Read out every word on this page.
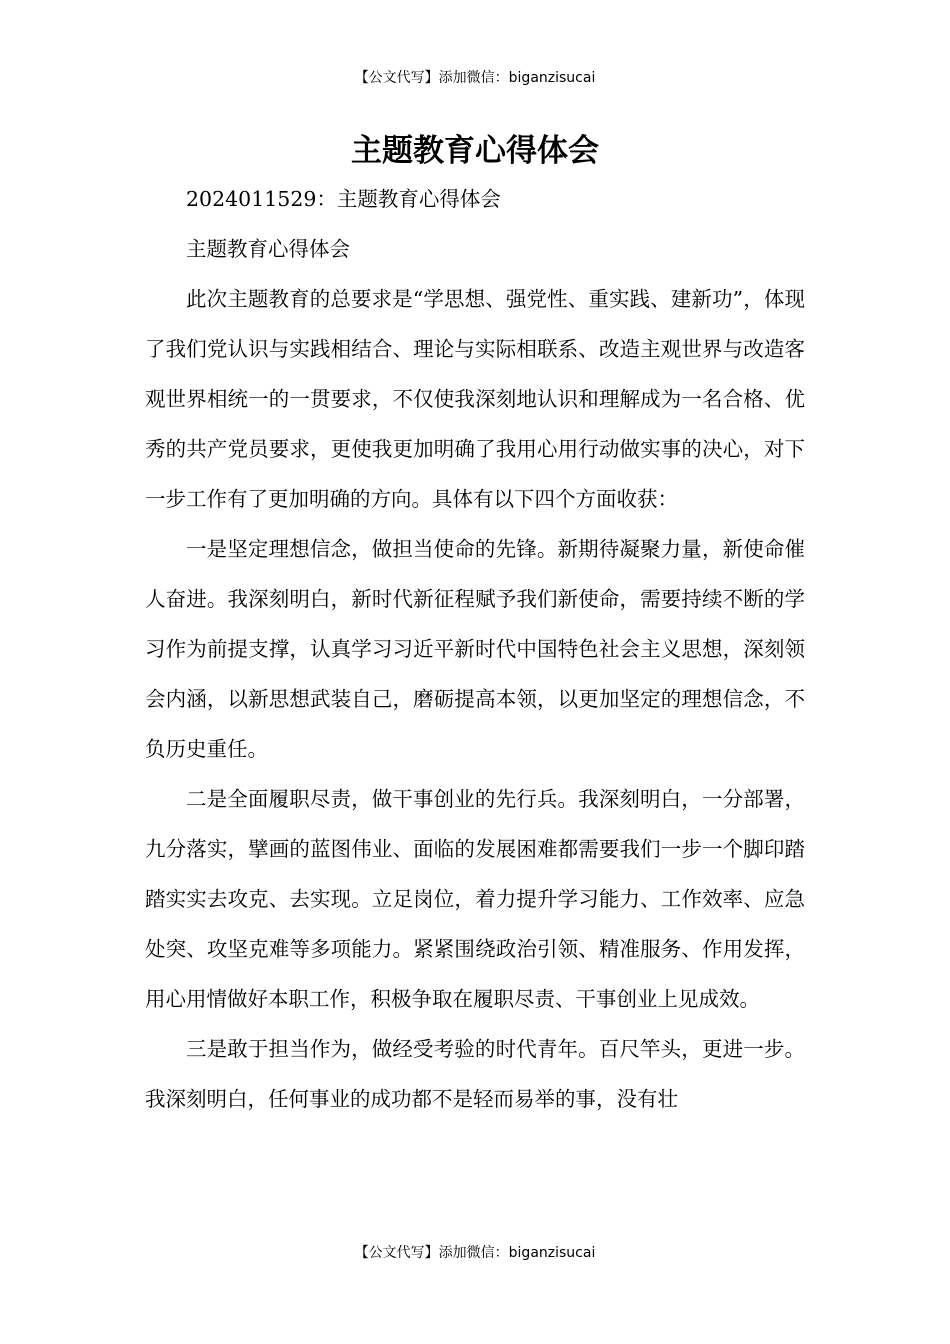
【公文代写】添加微信：biganzisucai
主题教育心得体会

2024011529：主题教育心得体会

主题教育心得体会

此次主题教育的总要求是“学思想、强党性、重实践、建新功”，体现了我们党认识与实践相结合、理论与实际相联系、改造主观世界与改造客观世界相统一的一贯要求，不仅使我深刻地认识和理解成为一名合格、优秀的共产党员要求，更使我更加明确了我用心用行动做实事的决心，对下一步工作有了更加明确的方向。具体有以下四个方面收获：

一是坚定理想信念，做担当使命的先锋。新期待凝聚力量，新使命催人奋进。我深刻明白，新时代新征程赋予我们新使命，需要持续不断的学习作为前提支撑，认真学习习近平新时代中国特色社会主义思想，深刻领会内涵，以新思想武装自己，磨砺提高本领，以更加坚定的理想信念，不负历史重任。

二是全面履职尽责，做干事创业的先行兵。我深刻明白，一分部署，九分落实，擘画的蓝图伟业、面临的发展困难都需要我们一步一个脚印踏踏实实去攻克、去实现。立足岗位，着力提升学习能力、工作效率、应急处突、攻坚克难等多项能力。紧紧围绕政治引领、精准服务、作用发挥，用心用情做好本职工作，积极争取在履职尽责、干事创业上见成效。

三是敢于担当作为，做经受考验的时代青年。百尺竿头，更进一步。我深刻明白，任何事业的成功都不是轻而易举的事，没有壮

【公文代写】添加微信：biganzisucai
